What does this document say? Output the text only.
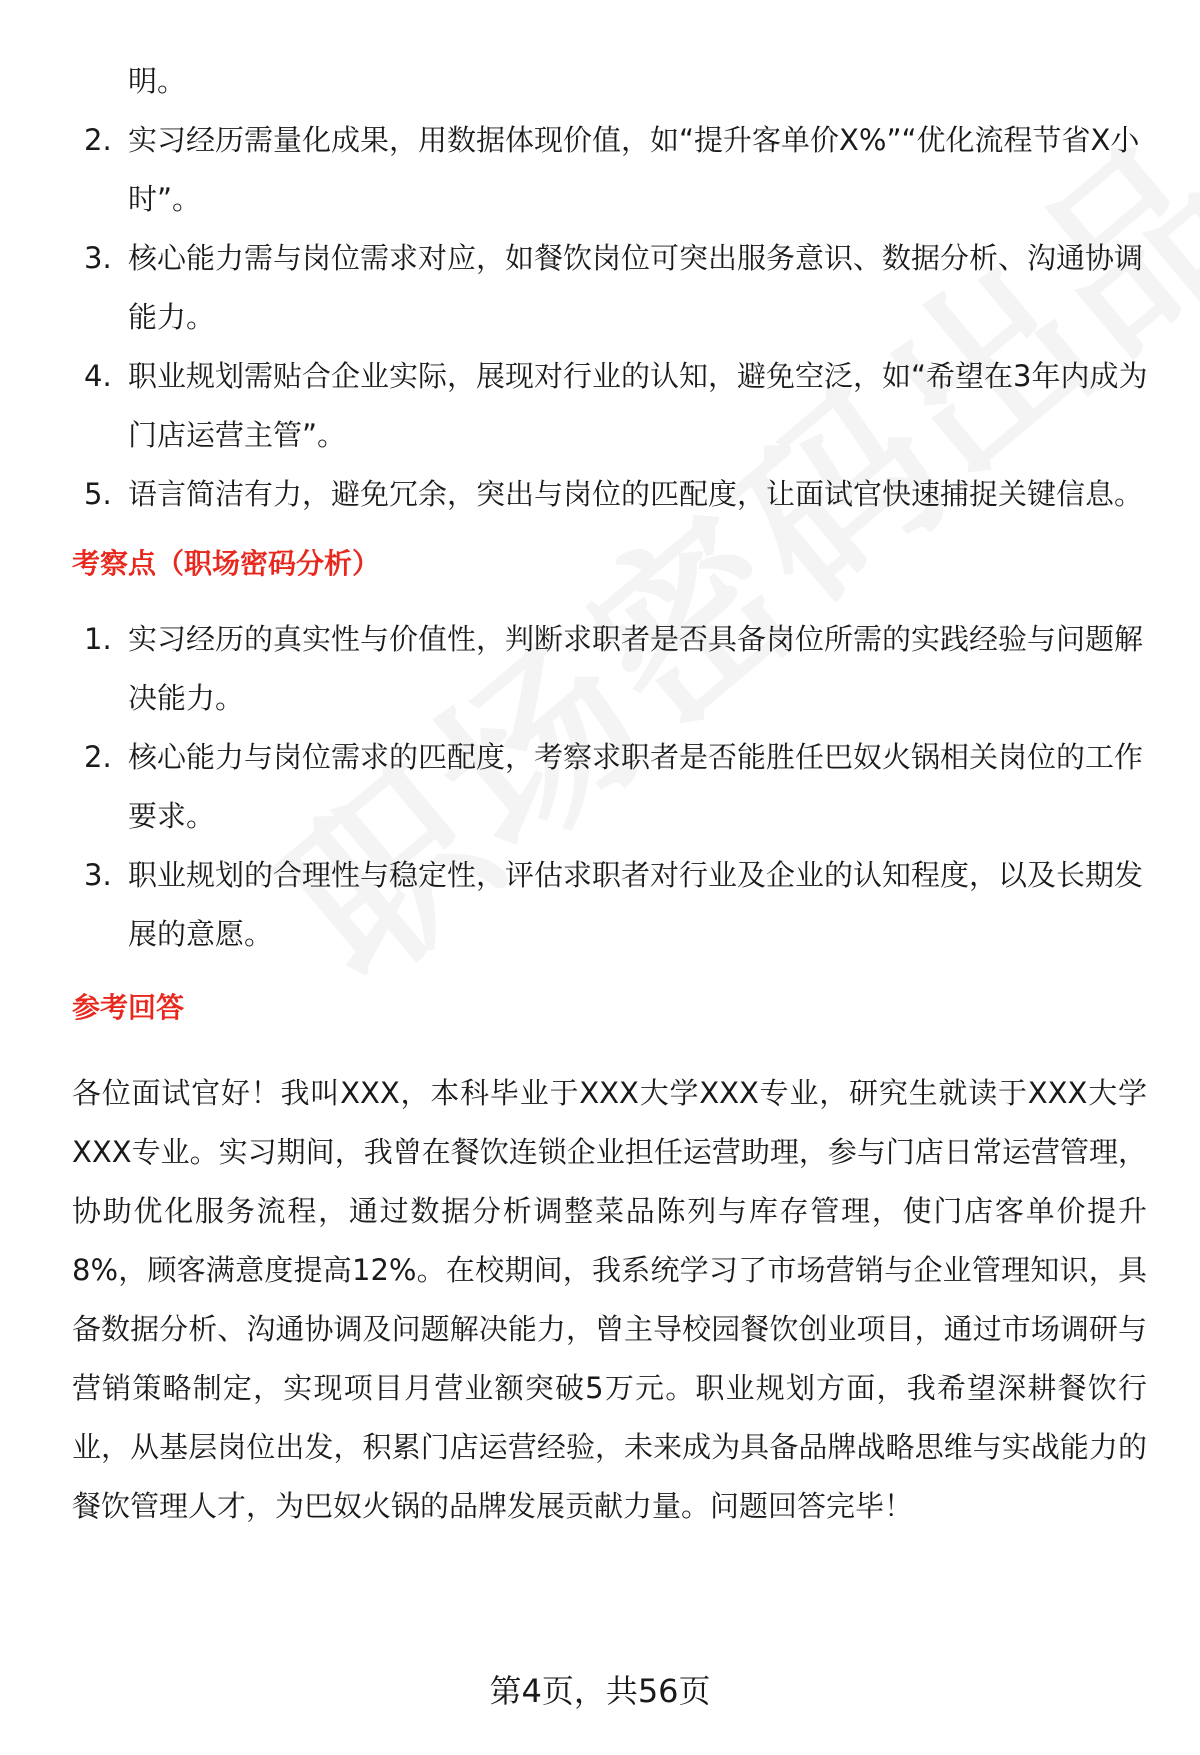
明。

2. 实习经历需量化成果，用数据体现价值，如“提升客单价X%”“优化流程节省X小时”。
3. 核心能力需与岗位需求对应，如餐饮岗位可突出服务意识、数据分析、沟通协调能力。
4. 职业规划需贴合企业实际，展现对行业的认知，避免空泛，如“希望在3年内成为门店运营主管”。
5. 语言简洁有力，避免冗余，突出与岗位的匹配度，让面试官快速捕捉关键信息。
考察点（职场密码分析）
1. 实习经历的真实性与价值性，判断求职者是否具备岗位所需的实践经验与问题解决能力。
2. 核心能力与岗位需求的匹配度，考察求职者是否能胜任巴奴火锅相关岗位的工作要求。
3. 职业规划的合理性与稳定性，评估求职者对行业及企业的认知程度，以及长期发展的意愿。
参考回答

各位面试官好！我叫XXX，本科毕业于XXX大学XXX专业，研究生就读于XXX大学XXX专业。实习期间，我曾在餐饮连锁企业担任运营助理，参与门店日常运营管理，协助优化服务流程，通过数据分析调整菜品陈列与库存管理，使门店客单价提升8%，顾客满意度提高12%。在校期间，我系统学习了市场营销与企业管理知识，具备数据分析、沟通协调及问题解决能力，曾主导校园餐饮创业项目，通过市场调研与营销策略制定，实现项目月营业额突破5万元。职业规划方面，我希望深耕餐饮行业，从基层岗位出发，积累门店运营经验，未来成为具备品牌战略思维与实战能力的餐饮管理人才，为巴奴火锅的品牌发展贡献力量。问题回答完毕！

第4页，共56页
